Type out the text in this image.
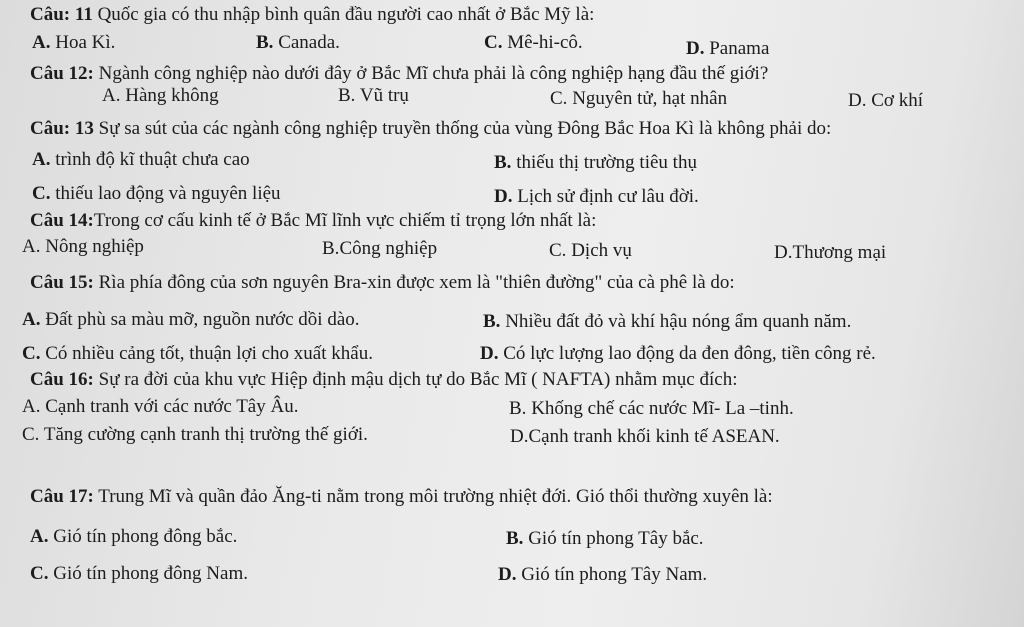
Câu: 11 Quốc gia có thu nhập bình quân đầu người cao nhất ở Bắc Mỹ là:
A. Hoa Kì.	B. Canada.	C. Mê-hi-cô.	D. Panama
Câu 12: Ngành công nghiệp nào dưới đây ở Bắc Mĩ chưa phải là công nghiệp hạng đầu thế giới?
A. Hàng không	B. Vũ trụ	C. Nguyên tử, hạt nhân	D. Cơ khí
Câu: 13 Sự sa sút của các ngành công nghiệp truyền thống của vùng Đông Bắc Hoa Kì là không phải do:
A. trình độ kĩ thuật chưa cao	B. thiếu thị trường tiêu thụ
C. thiếu lao động và nguyên liệu	D. Lịch sử định cư lâu đời.
Câu 14:Trong cơ cấu kinh tế ở Bắc Mĩ lĩnh vực chiếm tỉ trọng lớn nhất là:
A. Nông nghiệp	B.Công nghiệp	C. Dịch vụ	D.Thương mại
Câu 15: Rìa phía đông của sơn nguyên Bra-xin được xem là "thiên đường" của cà phê là do:
A. Đất phù sa màu mỡ, nguồn nước dồi dào.	B. Nhiều đất đỏ và khí hậu nóng ẩm quanh năm.
C. Có nhiều cảng tốt, thuận lợi cho xuất khẩu.	D. Có lực lượng lao động da đen đông, tiền công rẻ.
Câu 16: Sự ra đời của khu vực Hiệp định mậu dịch tự do Bắc Mĩ ( NAFTA) nhằm mục đích:
A. Cạnh tranh với các nước Tây Âu.	B. Khống chế các nước Mĩ- La –tinh.
C. Tăng cường cạnh tranh thị trường thế giới.	D.Cạnh tranh khối kinh tế ASEAN.
Câu 17: Trung Mĩ và quần đảo Ăng-ti nằm trong môi trường nhiệt đới. Gió thổi thường xuyên là:
A. Gió tín phong đông bắc.	B. Gió tín phong Tây bắc.
C. Gió tín phong đông Nam.	D. Gió tín phong Tây Nam.
